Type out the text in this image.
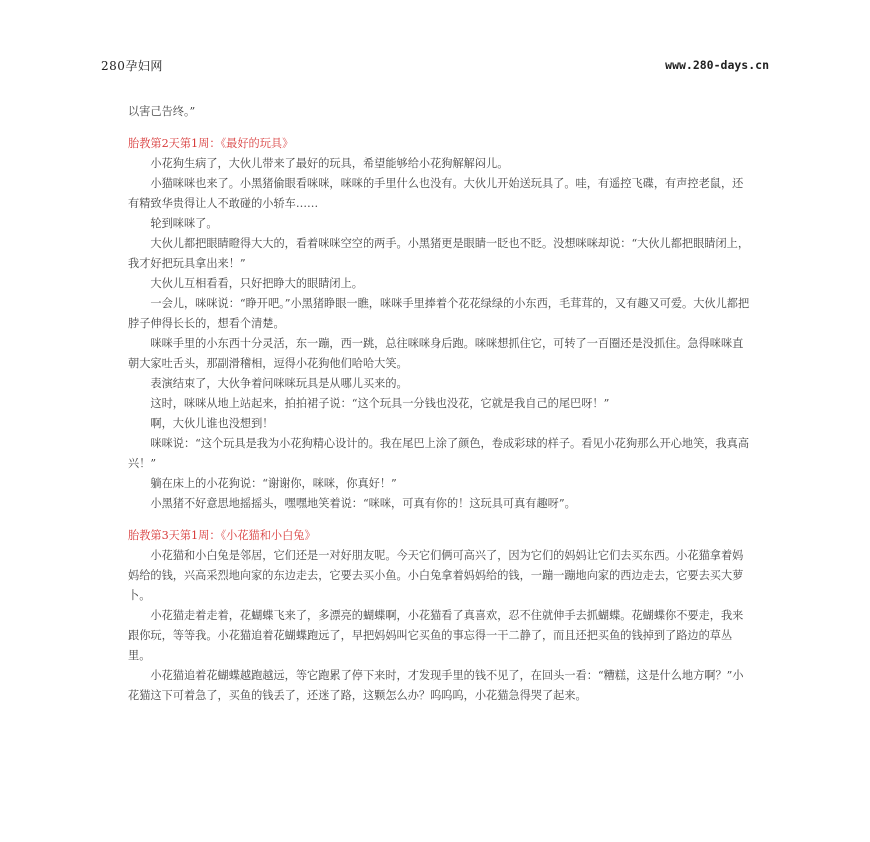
280孕妇网	www.280-days.cn

以害己告终。”

胎教第2天第1周：《最好的玩具》

小花狗生病了，大伙儿带来了最好的玩具，希望能够给小花狗解解闷儿。

小猫咪咪也来了。小黑猪偷眼看咪咪，咪咪的手里什么也没有。大伙儿开始送玩具了。哇，有遥控飞碟，有声控老鼠，还有精致华贵得让人不敢碰的小轿车……

轮到咪咪了。

大伙儿都把眼睛瞪得大大的，看着咪咪空空的两手。小黑猪更是眼睛一眨也不眨。没想咪咪却说：“大伙儿都把眼睛闭上，我才好把玩具拿出来！”

大伙儿互相看看，只好把睁大的眼睛闭上。

一会儿，咪咪说：“睁开吧。”小黑猪睁眼一瞧，咪咪手里捧着个花花绿绿的小东西，毛茸茸的，又有趣又可爱。大伙儿都把脖子伸得长长的，想看个清楚。

咪咪手里的小东西十分灵活，东一蹦，西一跳，总往咪咪身后跑。咪咪想抓住它，可转了一百圈还是没抓住。急得咪咪直朝大家吐舌头，那副滑稽相，逗得小花狗他们哈哈大笑。

表演结束了，大伙争着问咪咪玩具是从哪儿买来的。

这时，咪咪从地上站起来，拍拍裙子说：“这个玩具一分钱也没花，它就是我自己的尾巴呀！”

啊，大伙儿谁也没想到！

咪咪说：“这个玩具是我为小花狗精心设计的。我在尾巴上涂了颜色，卷成彩球的样子。看见小花狗那么开心地笑，我真高兴！”

躺在床上的小花狗说：“谢谢你，咪咪，你真好！”

小黑猪不好意思地摇摇头，嘿嘿地笑着说：“咪咪，可真有你的！这玩具可真有趣呀”。

胎教第3天第1周：《小花猫和小白兔》

小花猫和小白兔是邻居，它们还是一对好朋友呢。今天它们俩可高兴了，因为它们的妈妈让它们去买东西。小花猫拿着妈妈给的钱，兴高采烈地向家的东边走去，它要去买小鱼。小白兔拿着妈妈给的钱，一蹦一蹦地向家的西边走去，它要去买大萝卜。

小花猫走着走着，花蝴蝶飞来了，多漂亮的蝴蝶啊，小花猫看了真喜欢，忍不住就伸手去抓蝴蝶。花蝴蝶你不要走，我来跟你玩，等等我。小花猫追着花蝴蝶跑远了，早把妈妈叫它买鱼的事忘得一干二静了，而且还把买鱼的钱掉到了路边的草丛里。

小花猫追着花蝴蝶越跑越远，等它跑累了停下来时，才发现手里的钱不见了，在回头一看：“糟糕，这是什么地方啊？”小花猫这下可着急了，买鱼的钱丢了，还迷了路，这颗怎么办？呜呜呜，小花猫急得哭了起来。
